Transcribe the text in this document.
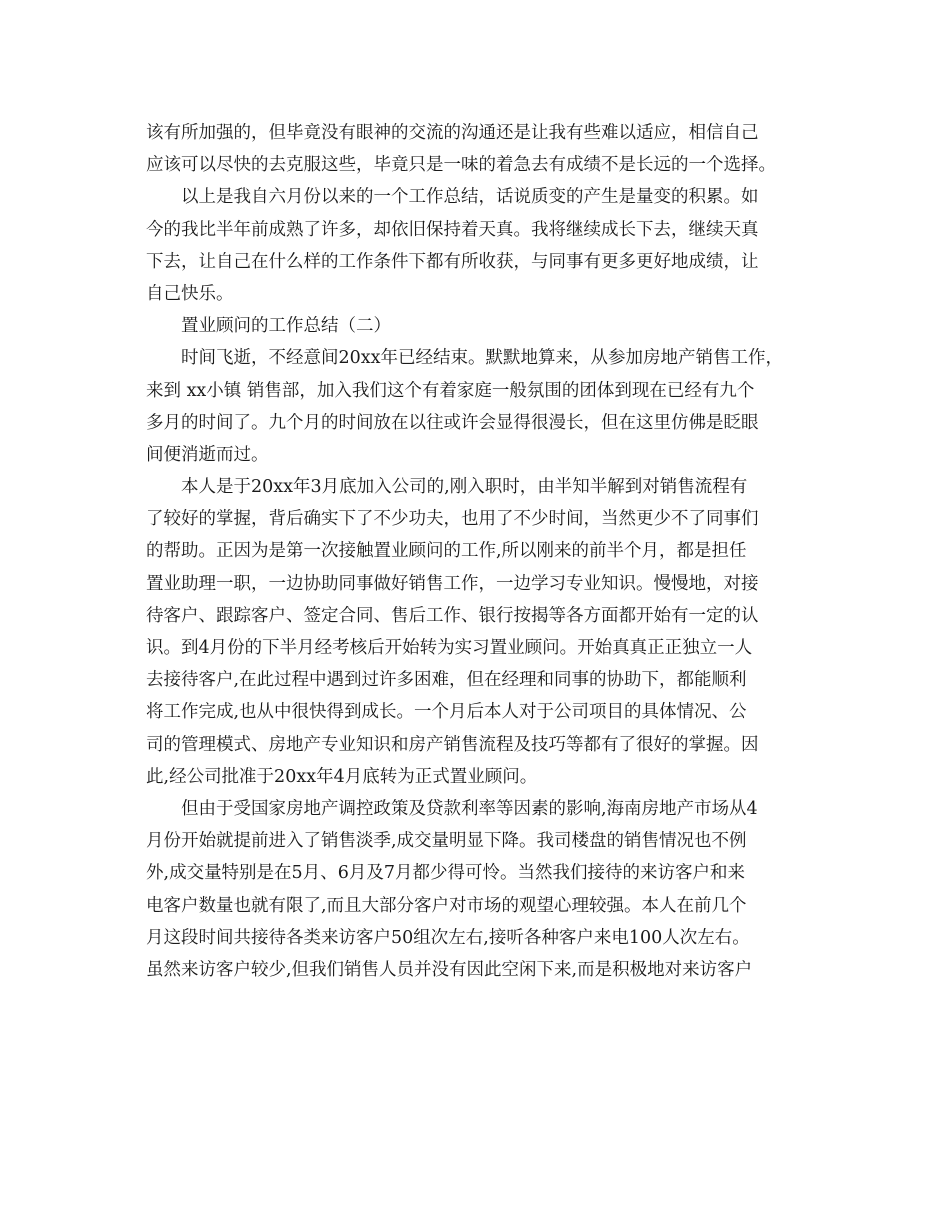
该有所加强的，但毕竟没有眼神的交流的沟通还是让我有些难以适应，相信自己
应该可以尽快的去克服这些，毕竟只是一味的着急去有成绩不是长远的一个选择。
以上是我自六月份以来的一个工作总结，话说质变的产生是量变的积累。如
今的我比半年前成熟了许多，却依旧保持着天真。我将继续成长下去，继续天真
下去，让自己在什么样的工作条件下都有所收获，与同事有更多更好地成绩，让
自己快乐。
置业顾问的工作总结（二）
时间飞逝，不经意间20xx年已经结束。默默地算来，从参加房地产销售工作，
来到 xx小镇 销售部，加入我们这个有着家庭一般氛围的团体到现在已经有九个
多月的时间了。九个月的时间放在以往或许会显得很漫长，但在这里仿佛是眨眼
间便消逝而过。
本人是于20xx年3月底加入公司的,刚入职时，由半知半解到对销售流程有
了较好的掌握，背后确实下了不少功夫，也用了不少时间，当然更少不了同事们
的帮助。正因为是第一次接触置业顾问的工作,所以刚来的前半个月，都是担任
置业助理一职，一边协助同事做好销售工作，一边学习专业知识。慢慢地，对接
待客户、跟踪客户、签定合同、售后工作、银行按揭等各方面都开始有一定的认
识。到4月份的下半月经考核后开始转为实习置业顾问。开始真真正正独立一人
去接待客户,在此过程中遇到过许多困难，但在经理和同事的协助下，都能顺利
将工作完成,也从中很快得到成长。一个月后本人对于公司项目的具体情况、公
司的管理模式、房地产专业知识和房产销售流程及技巧等都有了很好的掌握。因
此,经公司批准于20xx年4月底转为正式置业顾问。
但由于受国家房地产调控政策及贷款利率等因素的影响,海南房地产市场从4
月份开始就提前进入了销售淡季,成交量明显下降。我司楼盘的销售情况也不例
外,成交量特别是在5月、6月及7月都少得可怜。当然我们接待的来访客户和来
电客户数量也就有限了,而且大部分客户对市场的观望心理较强。本人在前几个
月这段时间共接待各类来访客户50组次左右,接听各种客户来电100人次左右。
虽然来访客户较少,但我们销售人员并没有因此空闲下来,而是积极地对来访客户
